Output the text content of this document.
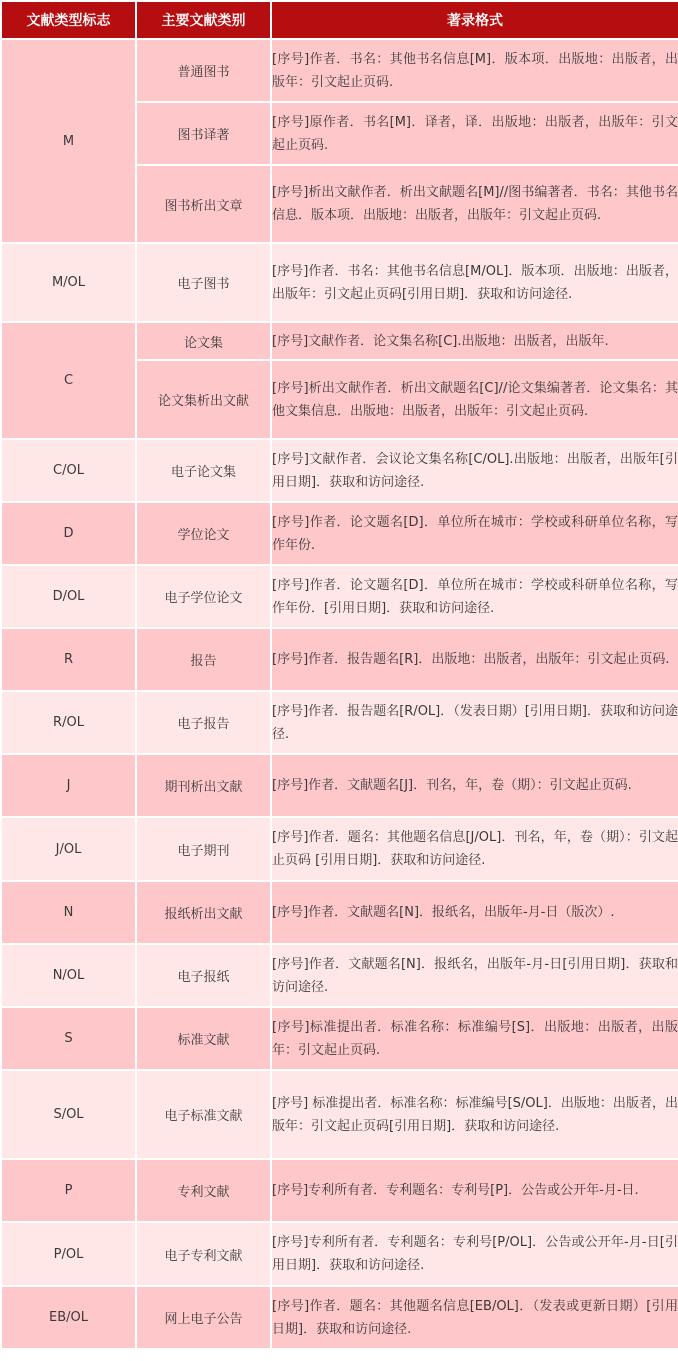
文献类型标志	主要文献类别	著录格式
M	普通图书	[序号]作者．书名：其他书名信息[M]．版本项．出版地：出版者，出版年：引文起止页码.
	图书译著	[序号]原作者．书名[M]．译者，译．出版地：出版者，出版年：引文起止页码.
	图书析出文章	[序号]析出文献作者．析出文献题名[M]//图书编著者．书名：其他书名信息．版本项．出版地：出版者，出版年：引文起止页码.
M/OL	电子图书	[序号]作者．书名：其他书名信息[M/OL]．版本项．出版地：出版者，出版年：引文起止页码[引用日期]．获取和访问途径.
C	论文集	[序号]文献作者．论文集名称[C].出版地：出版者，出版年.
	论文集析出文献	[序号]析出文献作者．析出文献题名[C]//论文集编著者．论文集名：其他文集信息．出版地：出版者，出版年：引文起止页码.
C/OL	电子论文集	[序号]文献作者．会议论文集名称[C/OL].出版地：出版者，出版年[引用日期]．获取和访问途径.
D	学位论文	[序号]作者．论文题名[D]．单位所在城市：学校或科研单位名称，写作年份.
D/OL	电子学位论文	[序号]作者．论文题名[D]．单位所在城市：学校或科研单位名称，写作年份．[引用日期]．获取和访问途径.
R	报告	[序号]作者．报告题名[R]．出版地：出版者，出版年：引文起止页码.
R/OL	电子报告	[序号]作者．报告题名[R/OL]．（发表日期）[引用日期]．获取和访问途径.
J	期刊析出文献	[序号]作者．文献题名[J]．刊名，年，卷（期）：引文起止页码.
J/OL	电子期刊	[序号]作者．题名：其他题名信息[J/OL]．刊名，年，卷（期）：引文起止页码 [引用日期]．获取和访问途径.
N	报纸析出文献	[序号]作者．文献题名[N]．报纸名，出版年-月-日（版次）.
N/OL	电子报纸	[序号]作者．文献题名[N]．报纸名，出版年-月-日[引用日期]．获取和访问途径.
S	标准文献	[序号]标准提出者．标准名称：标准编号[S]．出版地：出版者，出版年：引文起止页码.
S/OL	电子标准文献	[序号] 标准提出者．标准名称：标准编号[S/OL]．出版地：出版者，出版年：引文起止页码[引用日期]．获取和访问途径.
P	专利文献	[序号]专利所有者．专利题名：专利号[P]．公告或公开年-月-日.
P/OL	电子专利文献	[序号]专利所有者．专利题名：专利号[P/OL]．公告或公开年-月-日[引用日期]．获取和访问途径.
EB/OL	网上电子公告	[序号]作者．题名：其他题名信息[EB/OL]．（发表或更新日期）[引用日期]．获取和访问途径.
